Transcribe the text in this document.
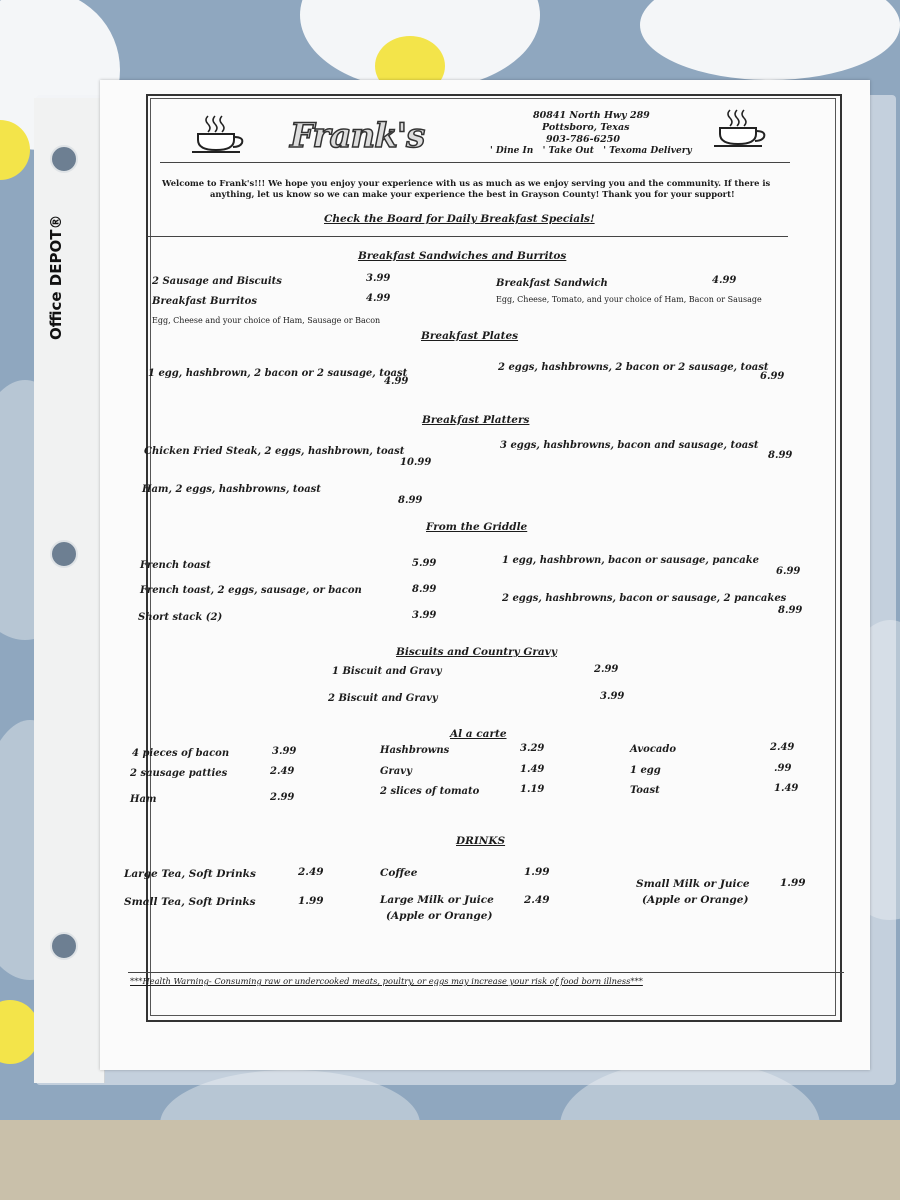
Office DEPOT®
Frank's
80841 North Hwy 289
Pottsboro, Texas
903-786-6250
' Dine In   ' Take Out   ' Texoma Delivery
Welcome to Frank's!!! We hope you enjoy your experience with us as much as we enjoy serving you and the community. If there is
anything, let us know so we can make your experience the best in Grayson County! Thank you for your support!
Check the Board for Daily Breakfast Specials!
Breakfast Sandwiches and Burritos
2 Sausage and Biscuits	3.99
Breakfast Burritos	4.99
Egg, Cheese and your choice of Ham, Sausage or Bacon
Breakfast Sandwich	4.99
Egg, Cheese, Tomato, and your choice of Ham, Bacon or Sausage
Breakfast Plates
1 egg, hashbrown, 2 bacon or 2 sausage, toast
4.99
2 eggs, hashbrowns, 2 bacon or 2 sausage, toast
6.99
Breakfast Platters
Chicken Fried Steak, 2 eggs, hashbrown, toast
10.99
Ham, 2 eggs, hashbrowns, toast
8.99
3 eggs, hashbrowns, bacon and sausage, toast
8.99
From the Griddle
French toast	5.99
French toast, 2 eggs, sausage, or bacon	8.99
Short stack (2)	3.99
1 egg, hashbrown, bacon or sausage, pancake
6.99
2 eggs, hashbrowns, bacon or sausage, 2 pancakes
8.99
Biscuits and Country Gravy
1 Biscuit and Gravy	2.99
2 Biscuit and Gravy	3.99
Al a carte
4 pieces of bacon	3.99
2 sausage patties	2.49
Ham	2.99
Hashbrowns	3.29
Gravy	1.49
2 slices of tomato	1.19
Avocado	2.49
1 egg	.99
Toast	1.49
DRINKS
Large Tea, Soft Drinks	2.49
Small Tea, Soft Drinks	1.99
Coffee	1.99
Large Milk or Juice	2.49
(Apple or Orange)
Small Milk or Juice	1.99
(Apple or Orange)
***Health Warning- Consuming raw or undercooked meats, poultry, or eggs may increase your risk of food born illness***
